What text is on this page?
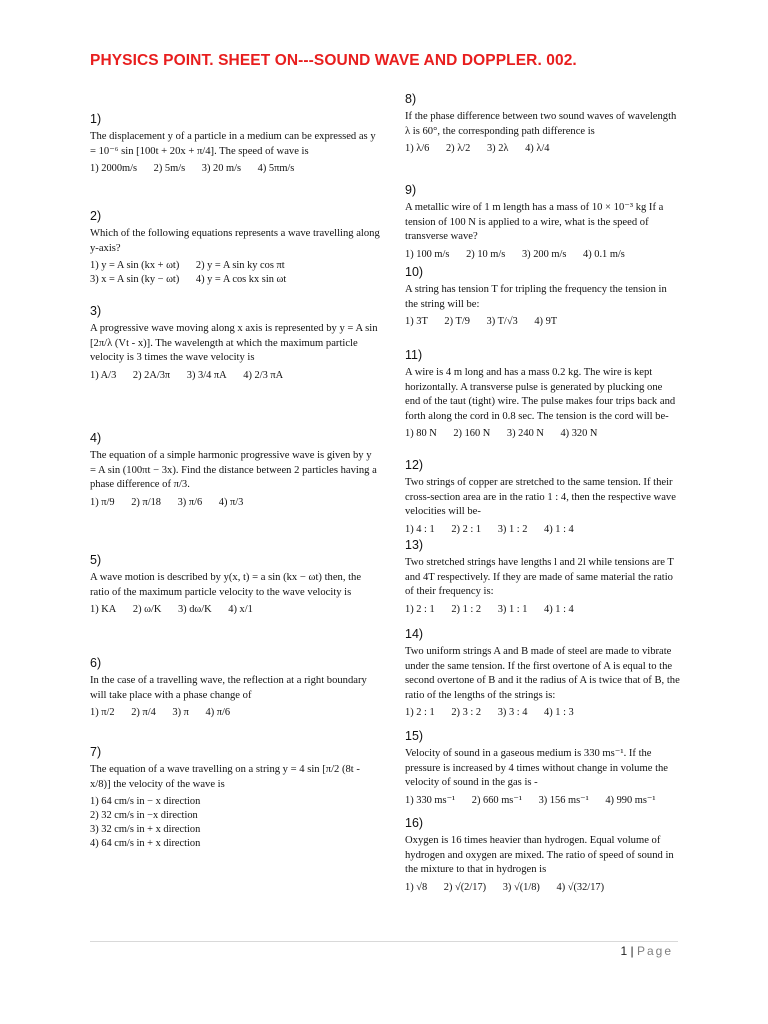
PHYSICS POINT. SHEET ON---SOUND WAVE AND DOPPLER. 002.
1)

The displacement y of a particle in a medium can be expressed as y = 10⁻⁶ sin [100t + 20x + π/4]. The speed of wave is

1) 2000m/s 2) 5m/s 3) 20 m/s 4) 5πm/s
2)

Which of the following equations represents a wave travelling along y-axis?

1) y = A sin (kx + ωt) 2) y = A sin ky cos πt
3) x = A sin (ky − ωt) 4) y = A cos kx sin ωt
3)

A progressive wave moving along x axis is represented by y = A sin [2π/λ (Vt - x)]. The wavelength at which the maximum particle velocity is 3 times the wave velocity is

1) A/3 2) 2A/3π 3) 3/4 πA 4) 2/3 πA
4)

The equation of a simple harmonic progressive wave is given by y = A sin (100πt − 3x). Find the distance between 2 particles having a phase difference of π/3.

1) π/9 2) π/18 3) π/6 4) π/3
5)

A wave motion is described by y(x, t) = a sin (kx − ωt) then, the ratio of the maximum particle velocity to the wave velocity is

1) KA 2) ω/K 3) dω/K 4) x/1
6)

In the case of a travelling wave, the reflection at a right boundary will take place with a phase change of

1) π/2 2) π/4 3) π 4) π/6
7)

The equation of a wave travelling on a string y = 4 sin [π/2 (8t - x/8)] the velocity of the wave is

1) 64 cm/s in − x direction
2) 32 cm/s in −x direction
3) 32 cm/s in + x direction
4) 64 cm/s in + x direction
8)

If the phase difference between two sound waves of wavelength λ is 60°, the corresponding path difference is

1) λ/6 2) λ/2 3) 2λ 4) λ/4
9)

A metallic wire of 1 m length has a mass of 10 × 10⁻³ kg If a tension of 100 N is applied to a wire, what is the speed of transverse wave?

1) 100 m/s 2) 10 m/s 3) 200 m/s 4) 0.1 m/s
10)

A string has tension T for tripling the frequency the tension in the string will be:

1) 3T 2) T/9 3) T/√3 4) 9T
11)

A wire is 4 m long and has a mass 0.2 kg. The wire is kept horizontally. A transverse pulse is generated by plucking one end of the taut (tight) wire. The pulse makes four trips back and forth along the cord in 0.8 sec. The tension is the cord will be-

1) 80 N 2) 160 N 3) 240 N 4) 320 N
12)

Two strings of copper are stretched to the same tension. If their cross-section area are in the ratio 1 : 4, then the respective wave velocities will be-

1) 4 : 1 2) 2 : 1 3) 1 : 2 4) 1 : 4
13)

Two stretched strings have lengths l and 2l while tensions are T and 4T respectively. If they are made of same material the ratio of their frequency is:

1) 2 : 1 2) 1 : 2 3) 1 : 1 4) 1 : 4
14)

Two uniform strings A and B made of steel are made to vibrate under the same tension. If the first overtone of A is equal to the second overtone of B and it the radius of A is twice that of B, the ratio of the lengths of the strings is:

1) 2 : 1 2) 3 : 2 3) 3 : 4 4) 1 : 3
15)

Velocity of sound in a gaseous medium is 330 ms⁻¹. If the pressure is increased by 4 times without change in volume the velocity of sound in the gas is -

1) 330 ms⁻¹ 2) 660 ms⁻¹ 3) 156 ms⁻¹ 4) 990 ms⁻¹
16)

Oxygen is 16 times heavier than hydrogen. Equal volume of hydrogen and oxygen are mixed. The ratio of speed of sound in the mixture to that in hydrogen is

1) √8 2) √(2/17) 3) √(1/8) 4) √(32/17)
1 | Page
